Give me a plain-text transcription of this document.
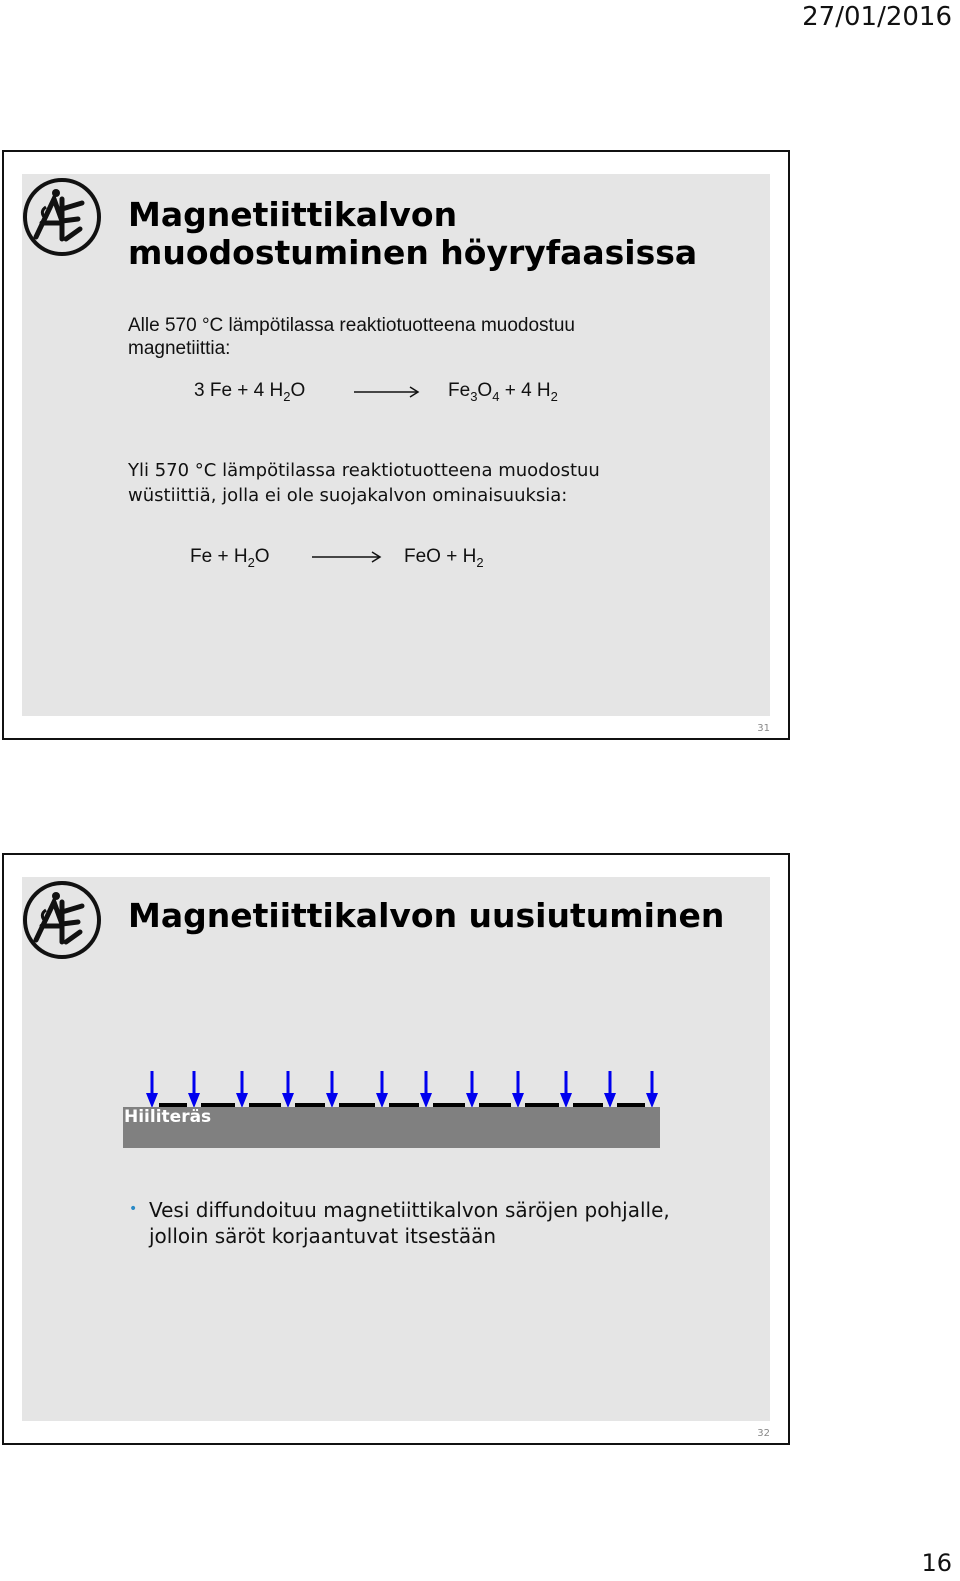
27/01/2016
Magnetiittikalvon
muodostuminen höyryfaasissa
Alle 570 °C lämpötilassa reaktiotuotteena muodostuu
magnetiittia:
3 Fe + 4 $H_2O$	$Fe_3O_4 + 4$ $H_2$
Yli 570 °C lämpötilassa reaktiotuotteena muodostuu
wüstiittiä, jolla ei ole suojakalvon ominaisuuksia:
$Fe + H_2O$	FeO + $H_2$
31
Magnetiittikalvon uusiutuminen
Hiiliteräs
• Vesi diffundoituu magnetiittikalvon säröjen pohjalle,
jolloin säröt korjaantuvat itsestään
32
16
